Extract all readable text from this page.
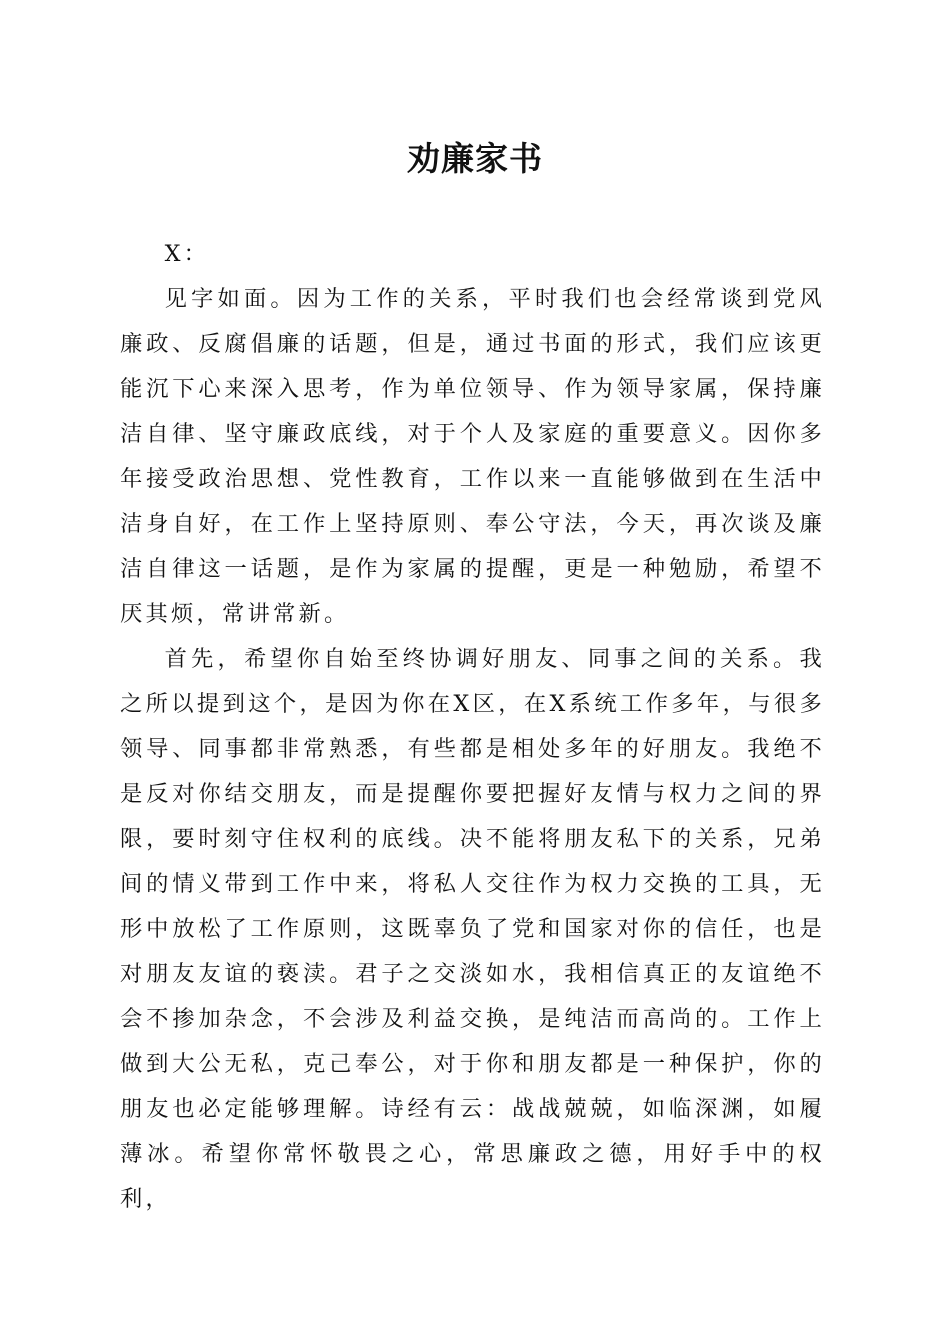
劝廉家书

X：

见字如面。因为工作的关系，平时我们也会经常谈到党风廉政、反腐倡廉的话题，但是，通过书面的形式，我们应该更能沉下心来深入思考，作为单位领导、作为领导家属，保持廉洁自律、坚守廉政底线，对于个人及家庭的重要意义。因你多年接受政治思想、党性教育，工作以来一直能够做到在生活中洁身自好，在工作上坚持原则、奉公守法，今天，再次谈及廉洁自律这一话题，是作为家属的提醒，更是一种勉励，希望不厌其烦，常讲常新。

首先，希望你自始至终协调好朋友、同事之间的关系。我之所以提到这个，是因为你在X区，在X系统工作多年，与很多领导、同事都非常熟悉，有些都是相处多年的好朋友。我绝不是反对你结交朋友，而是提醒你要把握好友情与权力之间的界限，要时刻守住权利的底线。决不能将朋友私下的关系，兄弟间的情义带到工作中来，将私人交往作为权力交换的工具，无形中放松了工作原则，这既辜负了党和国家对你的信任，也是对朋友友谊的亵渎。君子之交淡如水，我相信真正的友谊绝不会不掺加杂念，不会涉及利益交换，是纯洁而高尚的。工作上做到大公无私，克己奉公，对于你和朋友都是一种保护，你的朋友也必定能够理解。诗经有云：战战兢兢，如临深渊，如履薄冰。希望你常怀敬畏之心，常思廉政之德，用好手中的权利，
